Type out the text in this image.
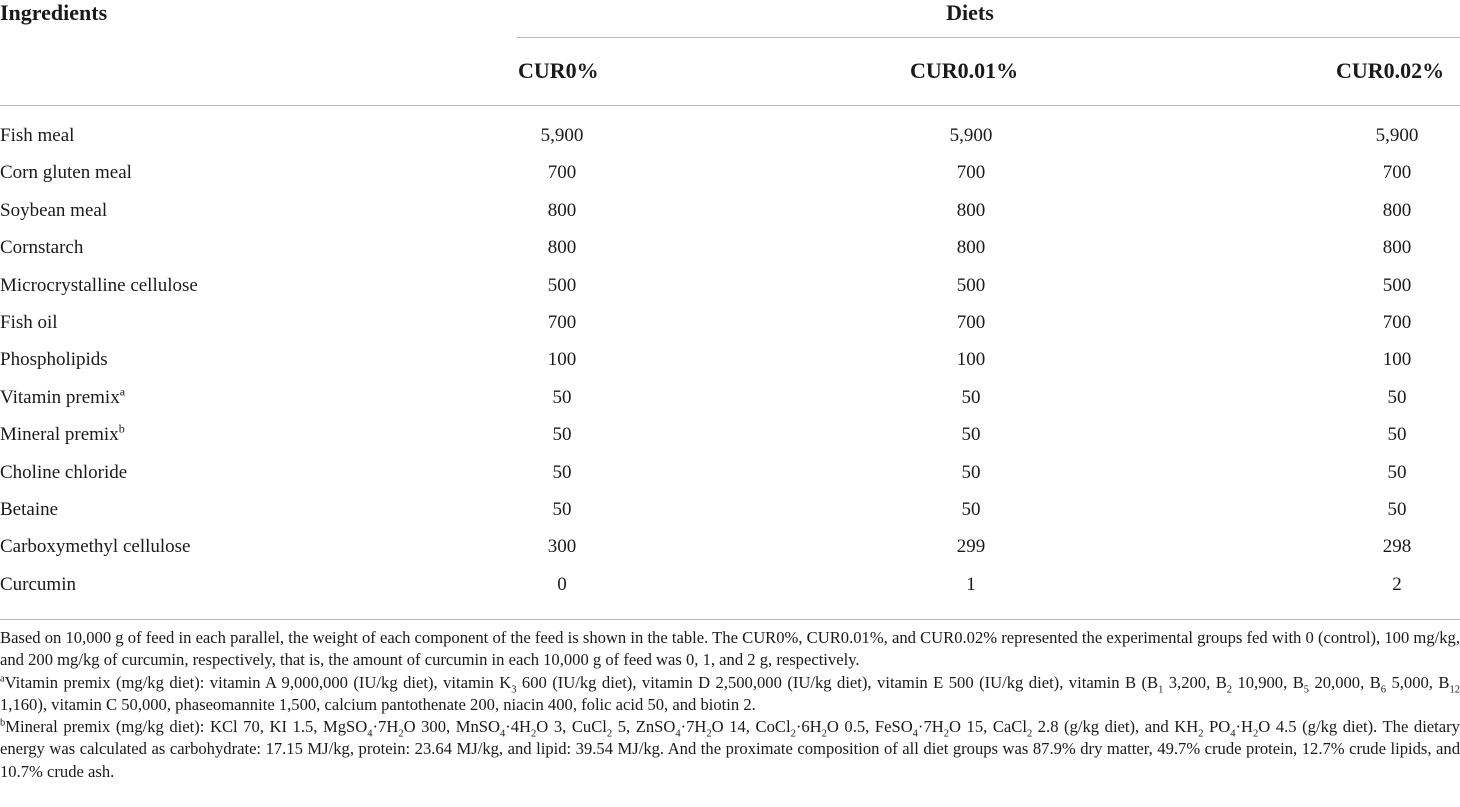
Ingredients	Diets
CUR0%	CUR0.01%	CUR0.02%
Fish meal	5,900	5,900	5,900
Corn gluten meal	700	700	700
Soybean meal	800	800	800
Cornstarch	800	800	800
Microcrystalline cellulose	500	500	500
Fish oil	700	700	700
Phospholipids	100	100	100
Vitamin premix$^a$	50	50	50
Mineral premix$^b$	50	50	50
Choline chloride	50	50	50
Betaine	50	50	50
Carboxymethyl cellulose	300	299	298
Curcumin	0	1	2

Based on 10,000 g of feed in each parallel, the weight of each component of the feed is shown in the table. The CUR0%, CUR0.01%, and CUR0.02% represented the experimental groups fed with 0 (control), 100 mg/kg, and 200 mg/kg of curcumin, respectively, that is, the amount of curcumin in each 10,000 g of feed was 0, 1, and 2 g, respectively.

$^a$Vitamin premix (mg/kg diet): vitamin A 9,000,000 (IU/kg diet), vitamin $K_3$ 600 (IU/kg diet), vitamin D 2,500,000 (IU/kg diet), vitamin E 500 (IU/kg diet), vitamin B ($B_1$ 3,200, $B_2$ 10,900, $B_5$ 20,000, $B_6$ 5,000, $B_{12}$ 1,160), vitamin C 50,000, phaseomannite 1,500, calcium pantothenate 200, niacin 400, folic acid 50, and biotin 2.

$^b$Mineral premix (mg/kg diet): KCl 70, KI 1.5, $MgSO_4\cdot 7H_2O$ 300, $MnSO_4\cdot 4H_2O$ 3, CuCl$_2$ 5, $ZnSO_4\cdot 7H_2O$ 14, $CoCl_2\cdot 6H_2O$ 0.5, $FeSO_4\cdot 7H_2O$ 15, CaCl$_2$ 2.8 (g/kg diet), and $KH_2$ $PO_4\cdot H_2O$ 4.5 (g/kg diet). The dietary energy was calculated as carbohydrate: 17.15 MJ/kg, protein: 23.64 MJ/kg, and lipid: 39.54 MJ/kg. And the proximate composition of all diet groups was 87.9% dry matter, 49.7% crude protein, 12.7% crude lipids, and 10.7% crude ash.
